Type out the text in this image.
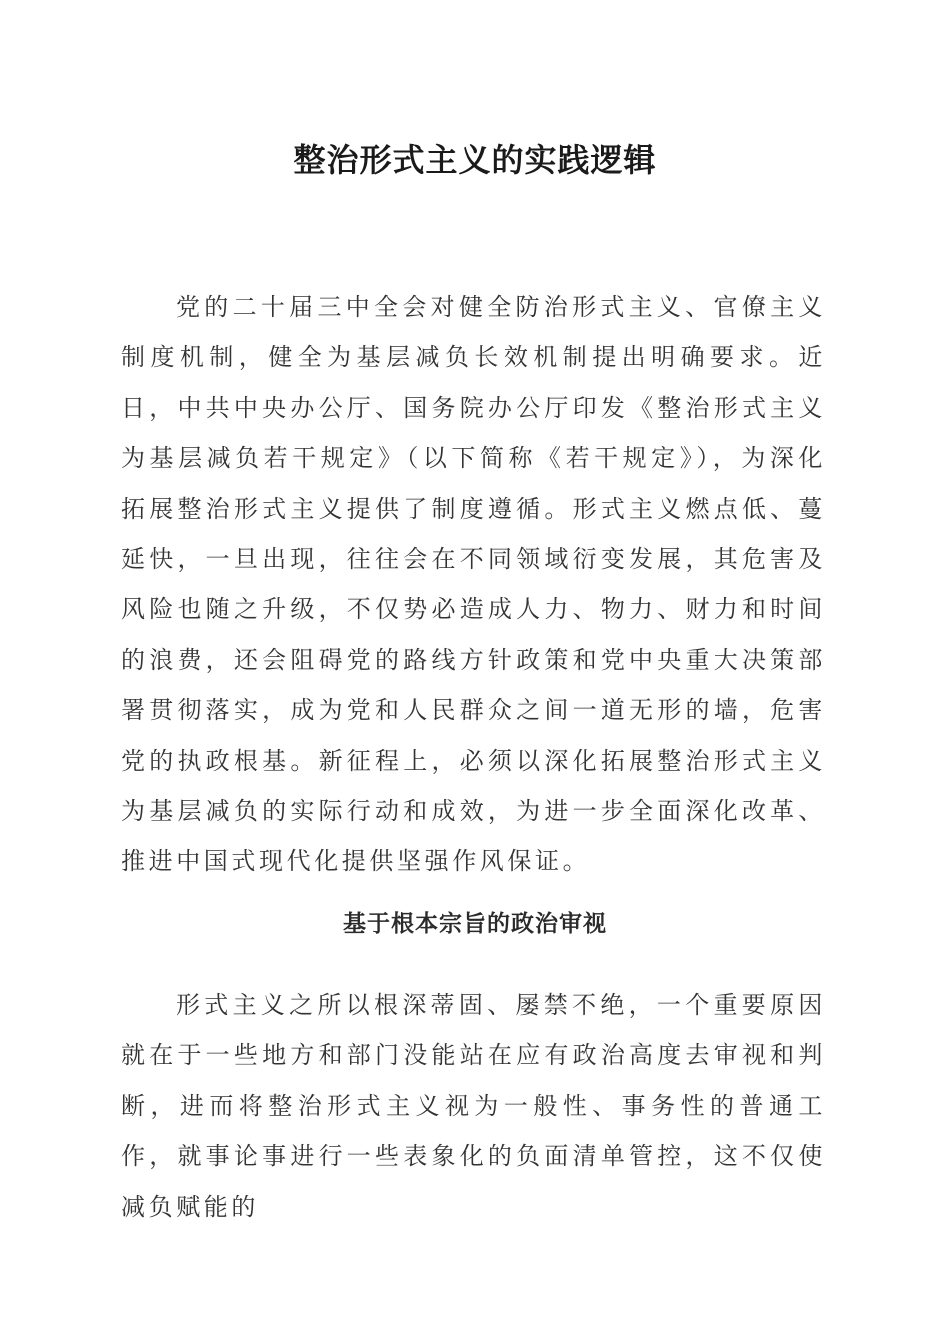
整治形式主义的实践逻辑

党的二十届三中全会对健全防治形式主义、官僚主义制度机制，健全为基层减负长效机制提出明确要求。近日，中共中央办公厅、国务院办公厅印发《整治形式主义为基层减负若干规定》（以下简称《若干规定》），为深化拓展整治形式主义提供了制度遵循。形式主义燃点低、蔓延快，一旦出现，往往会在不同领域衍变发展，其危害及风险也随之升级，不仅势必造成人力、物力、财力和时间的浪费，还会阻碍党的路线方针政策和党中央重大决策部署贯彻落实，成为党和人民群众之间一道无形的墙，危害党的执政根基。新征程上，必须以深化拓展整治形式主义为基层减负的实际行动和成效，为进一步全面深化改革、推进中国式现代化提供坚强作风保证。

基于根本宗旨的政治审视

形式主义之所以根深蒂固、屡禁不绝，一个重要原因就在于一些地方和部门没能站在应有政治高度去审视和判断，进而将整治形式主义视为一般性、事务性的普通工作，就事论事进行一些表象化的负面清单管控，这不仅使减负赋能的
